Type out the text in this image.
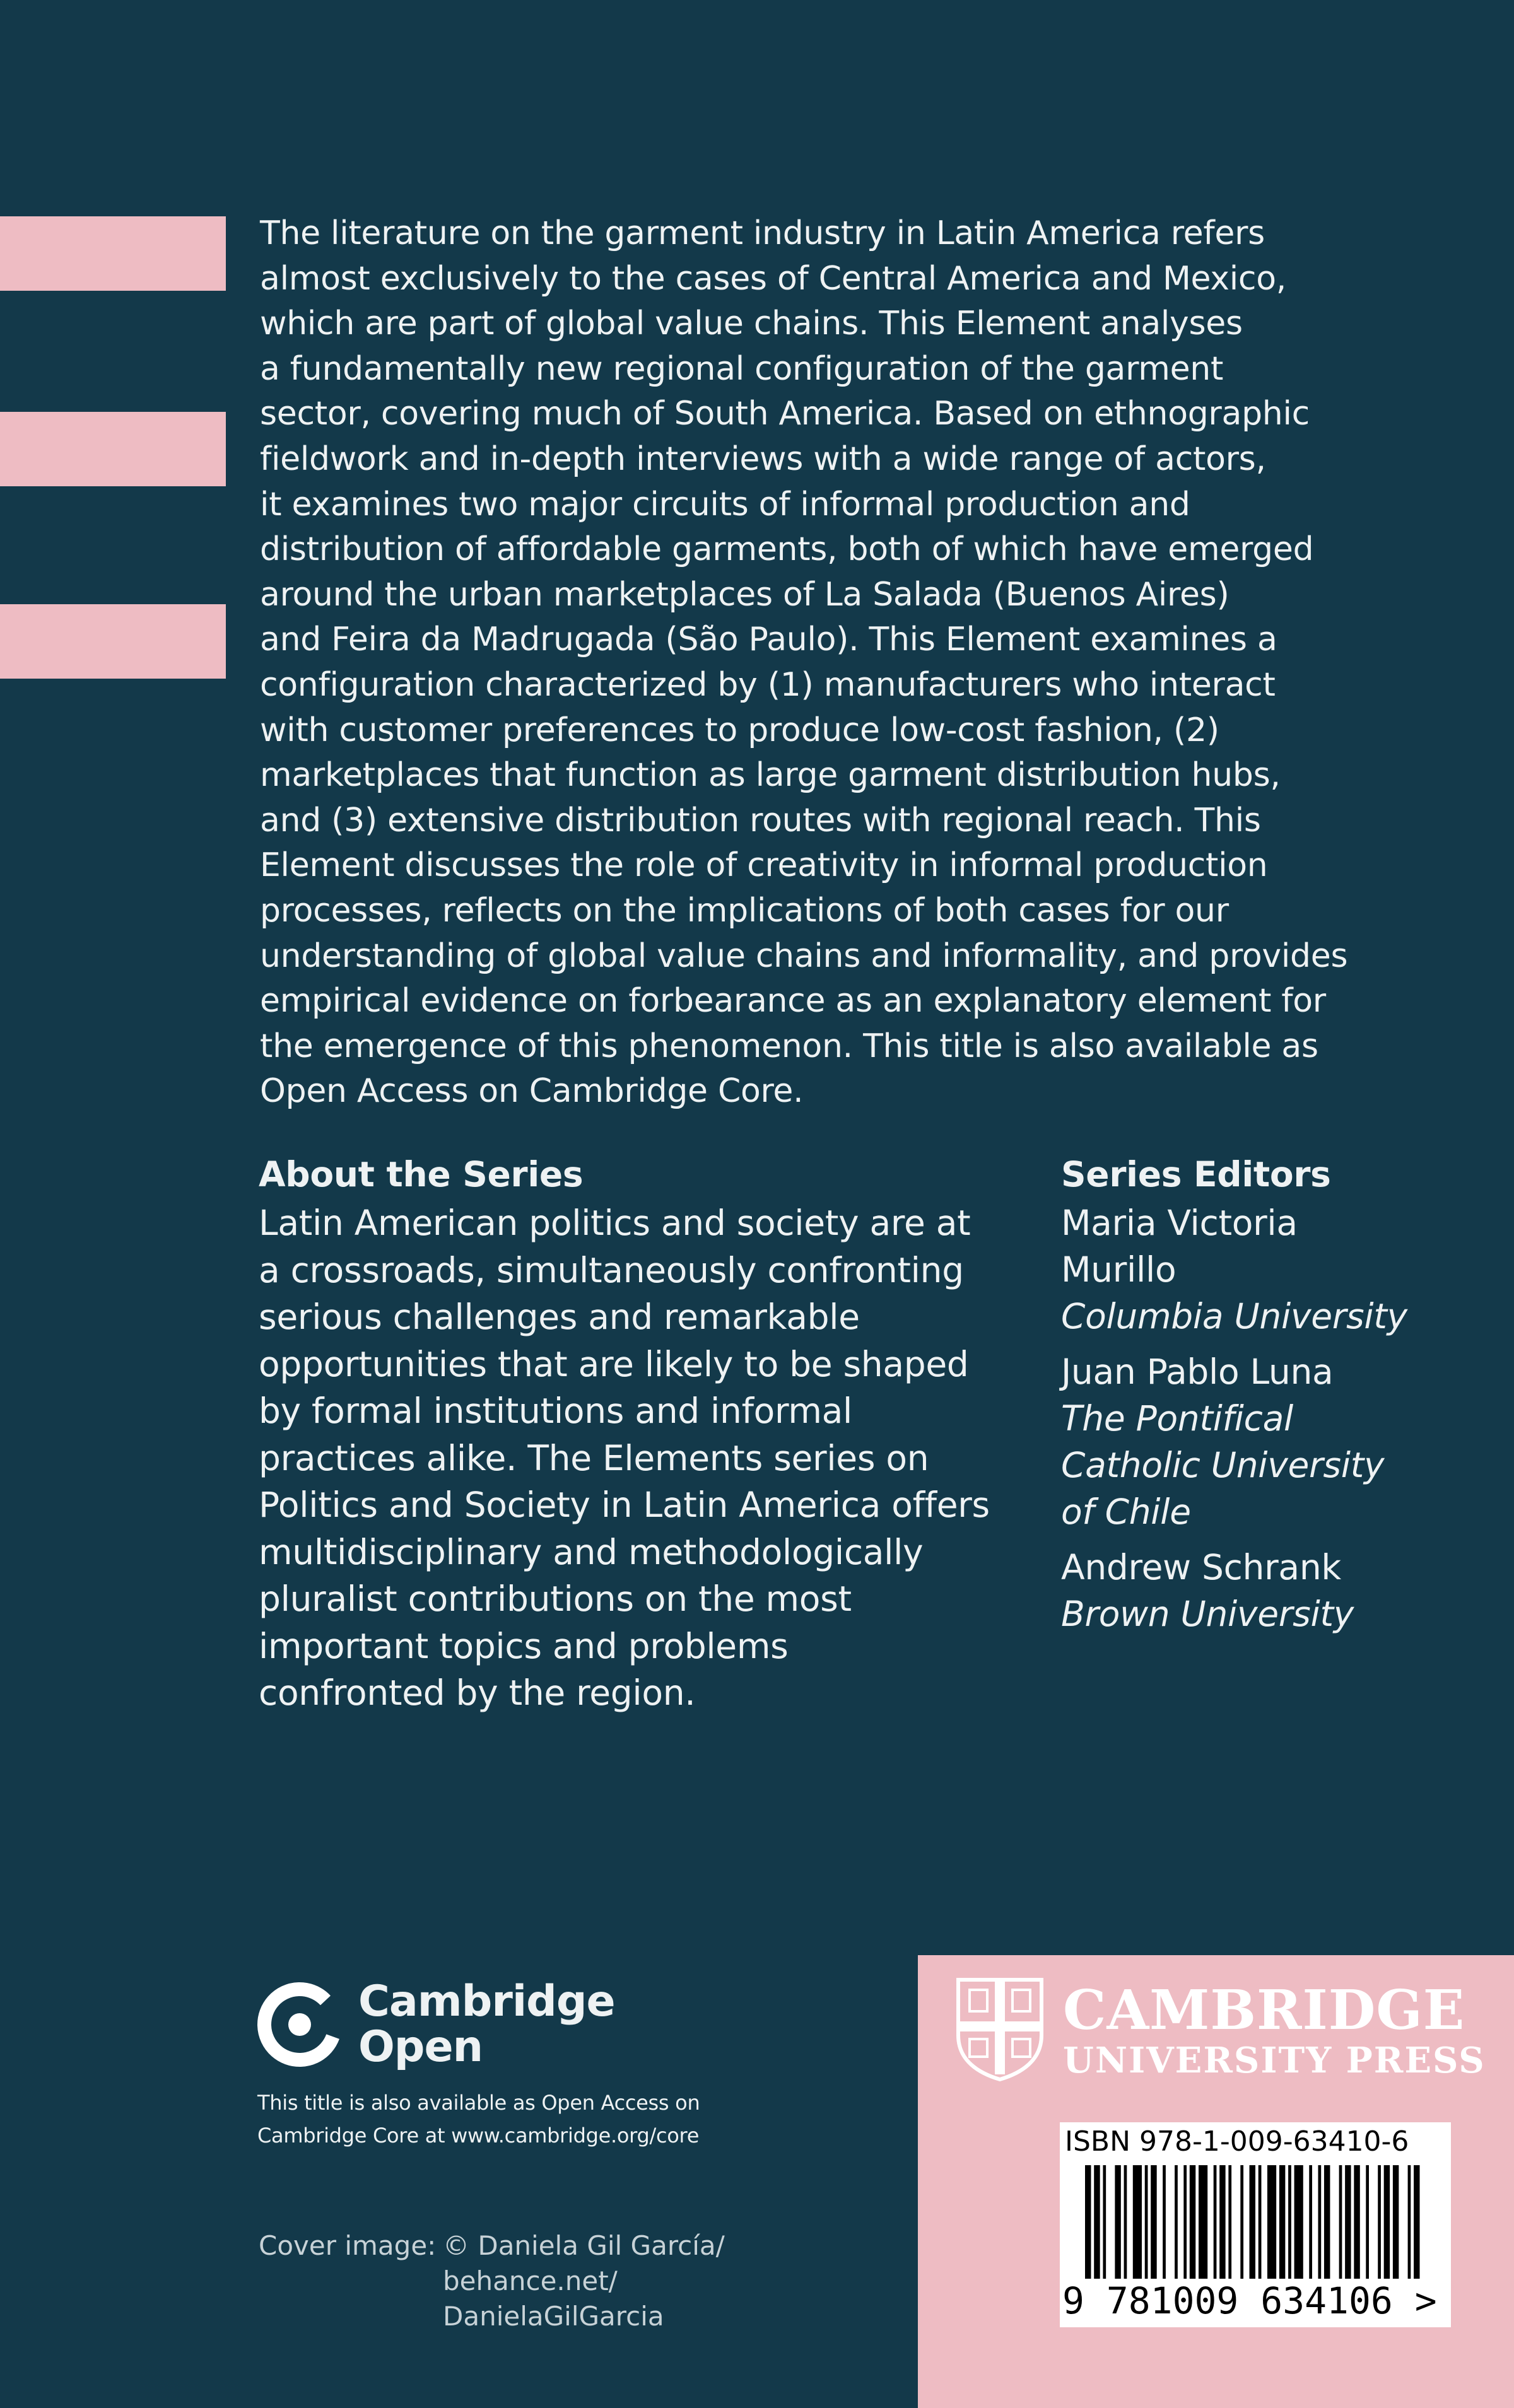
The literature on the garment industry in Latin America refers
almost exclusively to the cases of Central America and Mexico,
which are part of global value chains. This Element analyses
a fundamentally new regional configuration of the garment
sector, covering much of South America. Based on ethnographic
fieldwork and in-depth interviews with a wide range of actors,
it examines two major circuits of informal production and
distribution of affordable garments, both of which have emerged
around the urban marketplaces of La Salada (Buenos Aires)
and Feira da Madrugada (São Paulo). This Element examines a
configuration characterized by (1) manufacturers who interact
with customer preferences to produce low-cost fashion, (2)
marketplaces that function as large garment distribution hubs,
and (3) extensive distribution routes with regional reach. This
Element discusses the role of creativity in informal production
processes, reflects on the implications of both cases for our
understanding of global value chains and informality, and provides
empirical evidence on forbearance as an explanatory element for
the emergence of this phenomenon. This title is also available as
Open Access on Cambridge Core.
About the Series
Latin American politics and society are at
a crossroads, simultaneously confronting
serious challenges and remarkable
opportunities that are likely to be shaped
by formal institutions and informal
practices alike. The Elements series on
Politics and Society in Latin America offers
multidisciplinary and methodologically
pluralist contributions on the most
important topics and problems
confronted by the region.
Series Editors
Maria Victoria
Murillo
Columbia University
Juan Pablo Luna
The Pontifical
Catholic University
of Chile
Andrew Schrank
Brown University
Cambridge
Open
This title is also available as Open Access on
Cambridge Core at www.cambridge.org/core
Cover image: © Daniela Gil García/
behance.net/
DanielaGilGarcia
CAMBRIDGE
UNIVERSITY PRESS
ISBN 978-1-009-63410-6
9 781009 634106 >
